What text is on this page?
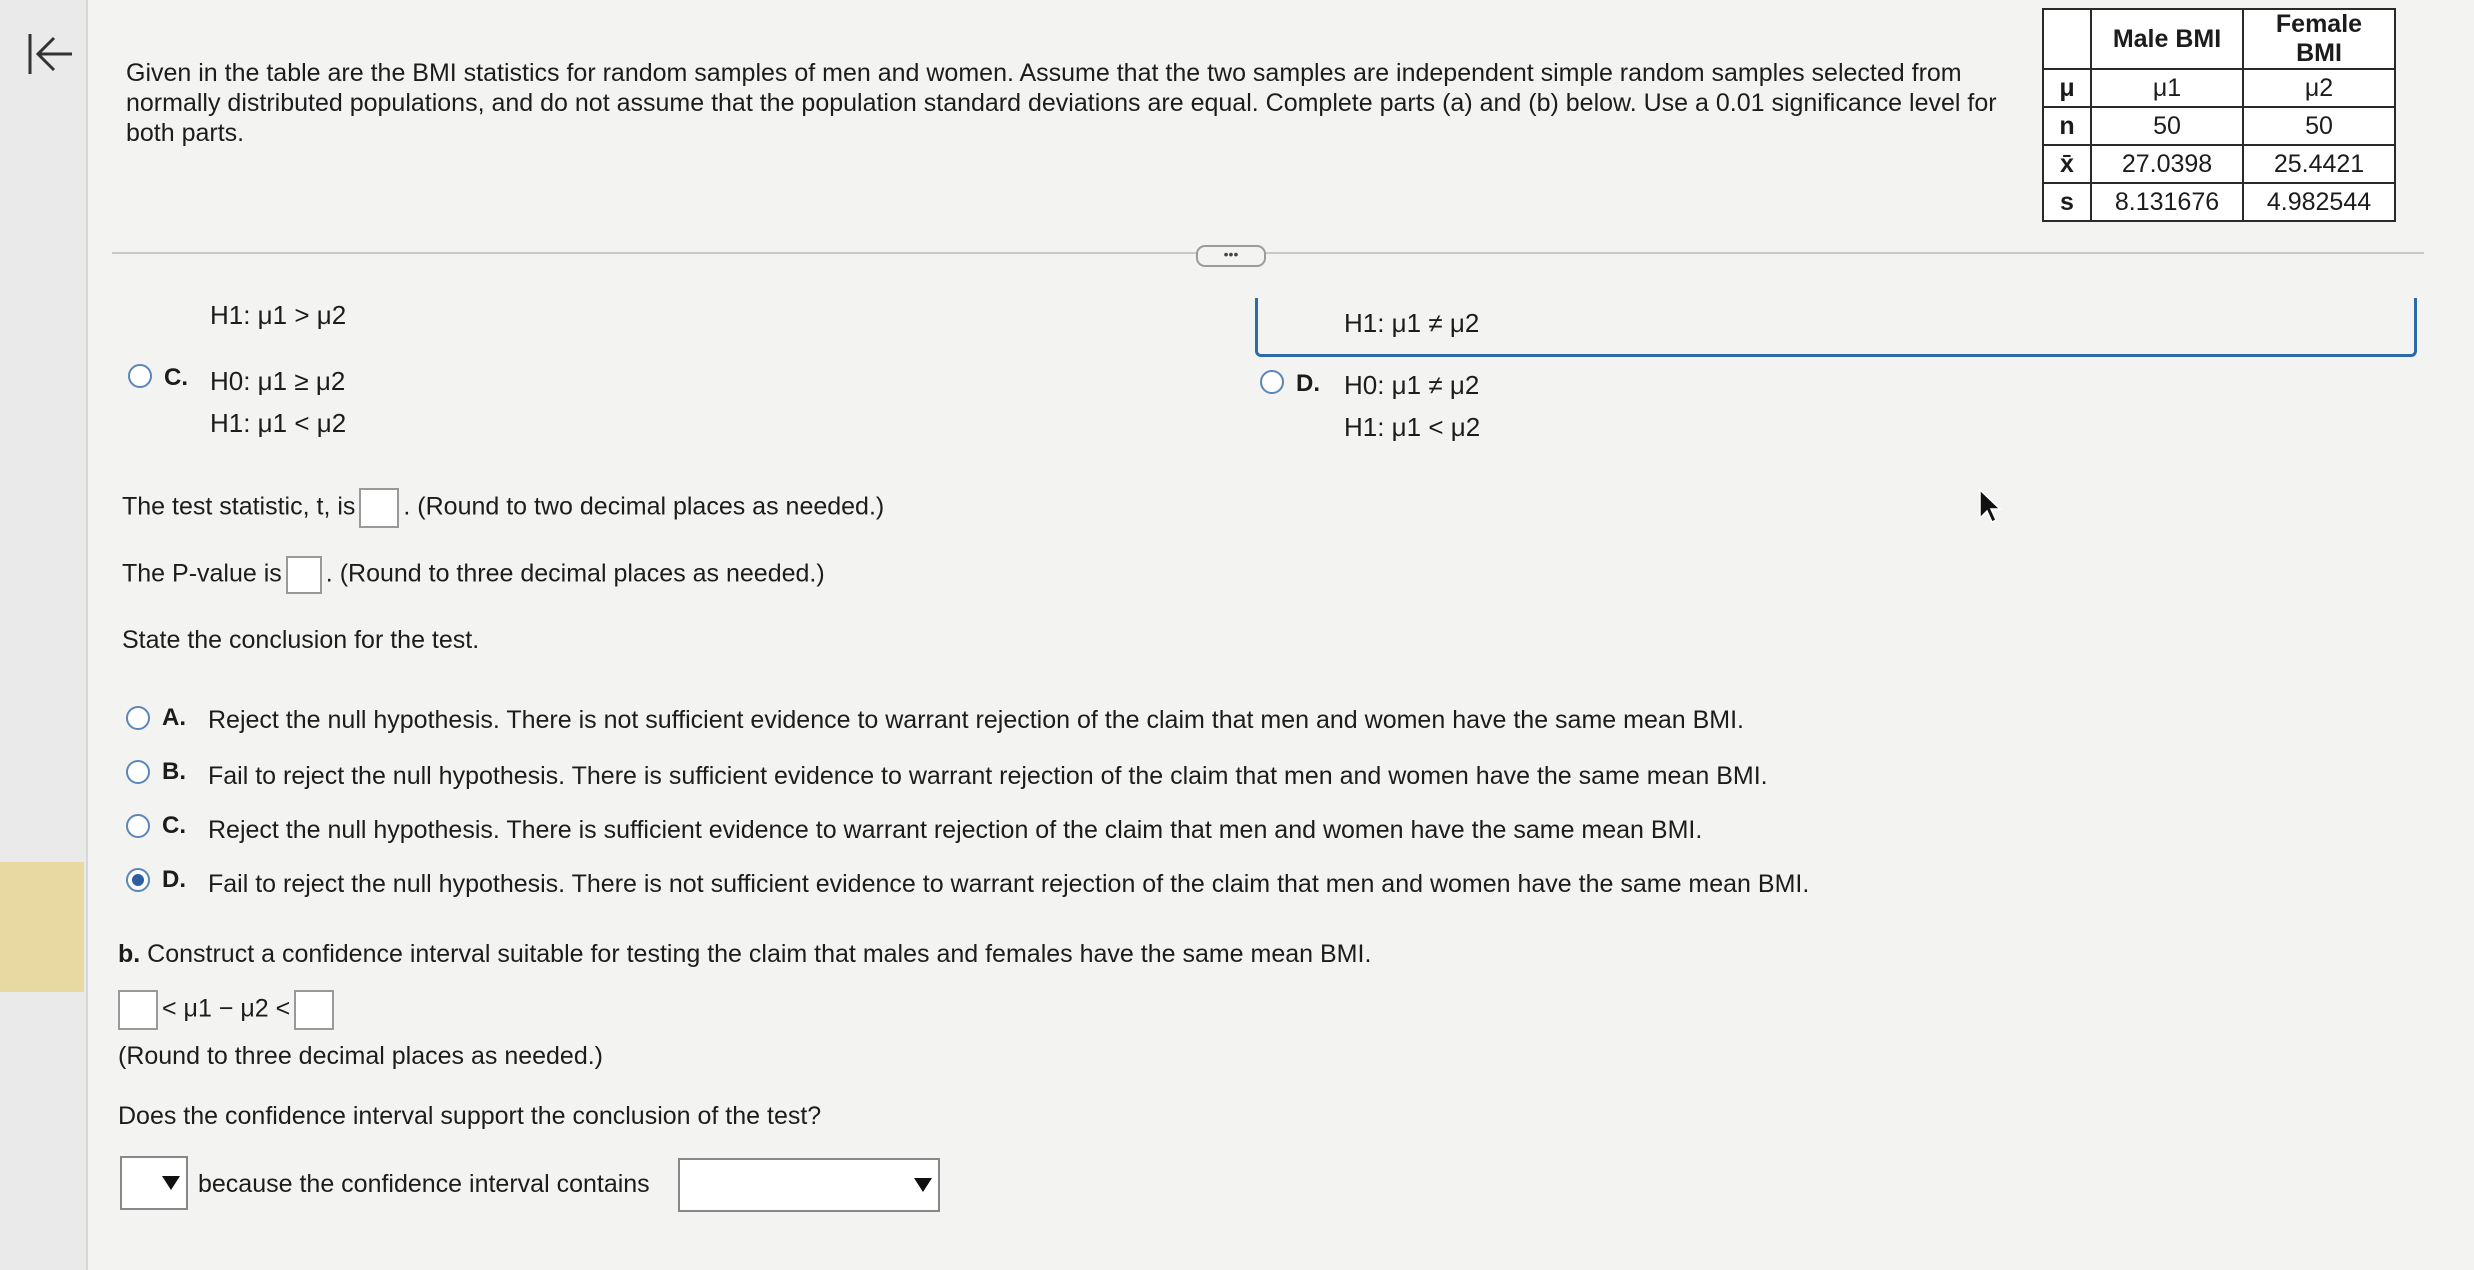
Given in the table are the BMI statistics for random samples of men and women. Assume that the two samples are independent simple random samples selected from normally distributed populations, and do not assume that the population standard deviations are equal. Complete parts (a) and (b) below. Use a 0.01 significance level for both parts.
	Male BMI	Female BMI
μ	μ1	μ2
n	50	50
x̄	27.0398	25.4421
s	8.131676	4.982544
•••
H1: μ1 > μ2	H1: μ1 ≠ μ2
C. H0: μ1 ≥ μ2
H1: μ1 < μ2
D. H0: μ1 ≠ μ2
H1: μ1 < μ2
The test statistic, t, is . (Round to two decimal places as needed.)
The P-value is . (Round to three decimal places as needed.)
State the conclusion for the test.
A. Reject the null hypothesis. There is not sufficient evidence to warrant rejection of the claim that men and women have the same mean BMI.
B. Fail to reject the null hypothesis. There is sufficient evidence to warrant rejection of the claim that men and women have the same mean BMI.
C. Reject the null hypothesis. There is sufficient evidence to warrant rejection of the claim that men and women have the same mean BMI.
D. Fail to reject the null hypothesis. There is not sufficient evidence to warrant rejection of the claim that men and women have the same mean BMI.
b. Construct a confidence interval suitable for testing the claim that males and females have the same mean BMI.
< μ1 − μ2 <
(Round to three decimal places as needed.)
Does the confidence interval support the conclusion of the test?
because the confidence interval contains
